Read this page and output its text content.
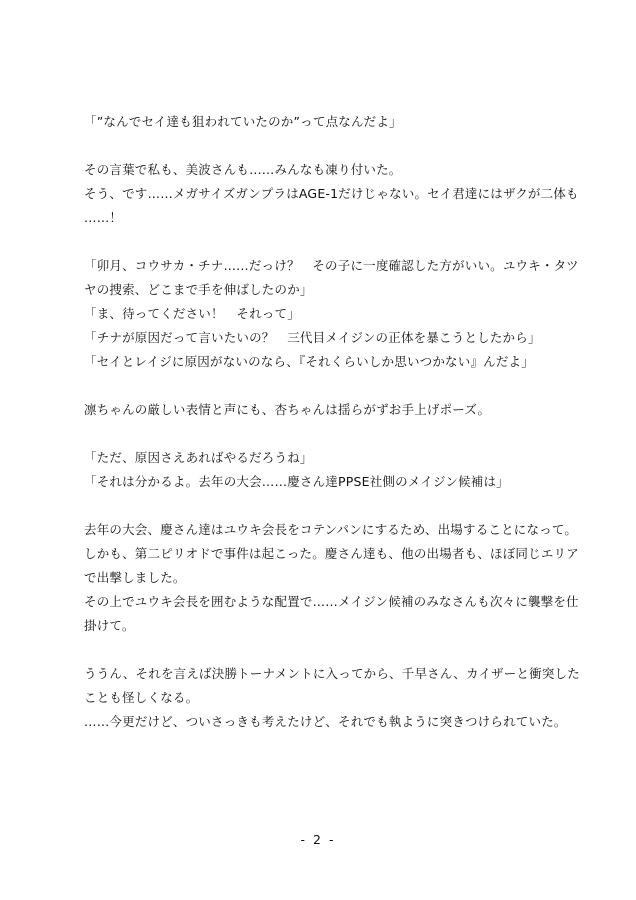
「”なんでセイ達も狙われていたのか”って点なんだよ」
その言葉で私も、美波さんも……みんなも凍り付いた。
そう、です……メガサイズガンプラはAGE-1だけじゃない。セイ君達にはザクが二体も
……！
「卯月、コウサカ・チナ……だっけ？　その子に一度確認した方がいい。ユウキ・タツ
ヤの捜索、どこまで手を伸ばしたのか」
「ま、待ってください！　それって」
「チナが原因だって言いたいの？　三代目メイジンの正体を暴こうとしたから」
「セイとレイジに原因がないのなら、『それくらいしか思いつかない』んだよ」
凛ちゃんの厳しい表情と声にも、杏ちゃんは揺らがずお手上げポーズ。
「ただ、原因さえあればやるだろうね」
「それは分かるよ。去年の大会……慶さん達PPSE社側のメイジン候補は」
去年の大会、慶さん達はユウキ会長をコテンパンにするため、出場することになって。
しかも、第二ピリオドで事件は起こった。慶さん達も、他の出場者も、ほぼ同じエリア
で出撃しました。
その上でユウキ会長を囲むような配置で……メイジン候補のみなさんも次々に襲撃を仕
掛けて。
ううん、それを言えば決勝トーナメントに入ってから、千早さん、カイザーと衝突した
ことも怪しくなる。
……今更だけど、ついさっきも考えたけど、それでも執ように突きつけられていた。
- 2 -
